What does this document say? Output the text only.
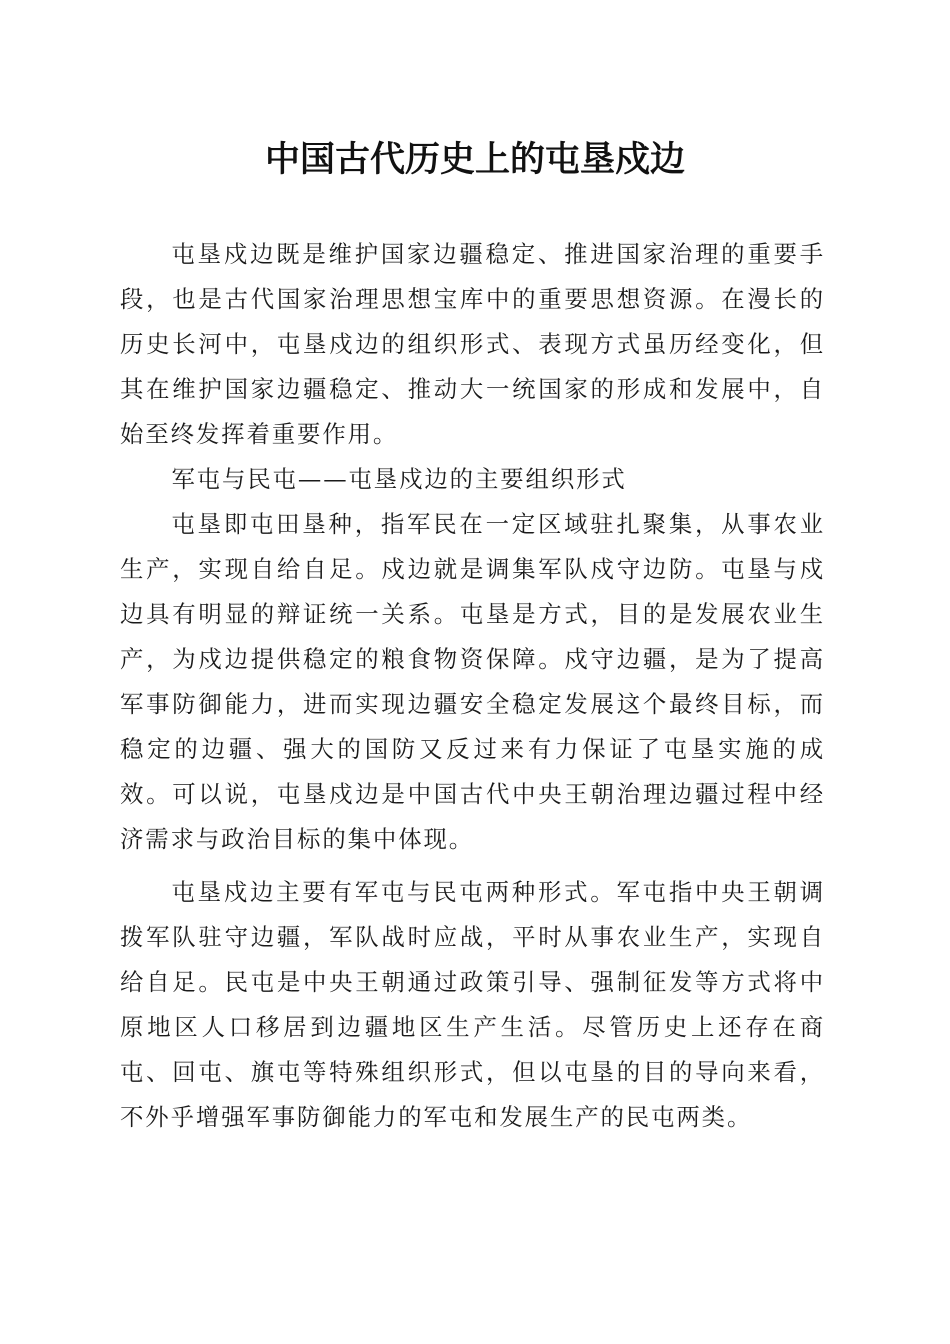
中国古代历史上的屯垦戍边

屯垦戍边既是维护国家边疆稳定、推进国家治理的重要手段，也是古代国家治理思想宝库中的重要思想资源。在漫长的历史长河中，屯垦戍边的组织形式、表现方式虽历经变化，但其在维护国家边疆稳定、推动大一统国家的形成和发展中，自始至终发挥着重要作用。

军屯与民屯——屯垦戍边的主要组织形式

屯垦即屯田垦种，指军民在一定区域驻扎聚集，从事农业生产，实现自给自足。戍边就是调集军队戍守边防。屯垦与戍边具有明显的辩证统一关系。屯垦是方式，目的是发展农业生产，为戍边提供稳定的粮食物资保障。戍守边疆，是为了提高军事防御能力，进而实现边疆安全稳定发展这个最终目标，而稳定的边疆、强大的国防又反过来有力保证了屯垦实施的成效。可以说，屯垦戍边是中国古代中央王朝治理边疆过程中经济需求与政治目标的集中体现。

屯垦戍边主要有军屯与民屯两种形式。军屯指中央王朝调拨军队驻守边疆，军队战时应战，平时从事农业生产，实现自给自足。民屯是中央王朝通过政策引导、强制征发等方式将中原地区人口移居到边疆地区生产生活。尽管历史上还存在商屯、回屯、旗屯等特殊组织形式，但以屯垦的目的导向来看，不外乎增强军事防御能力的军屯和发展生产的民屯两类。
